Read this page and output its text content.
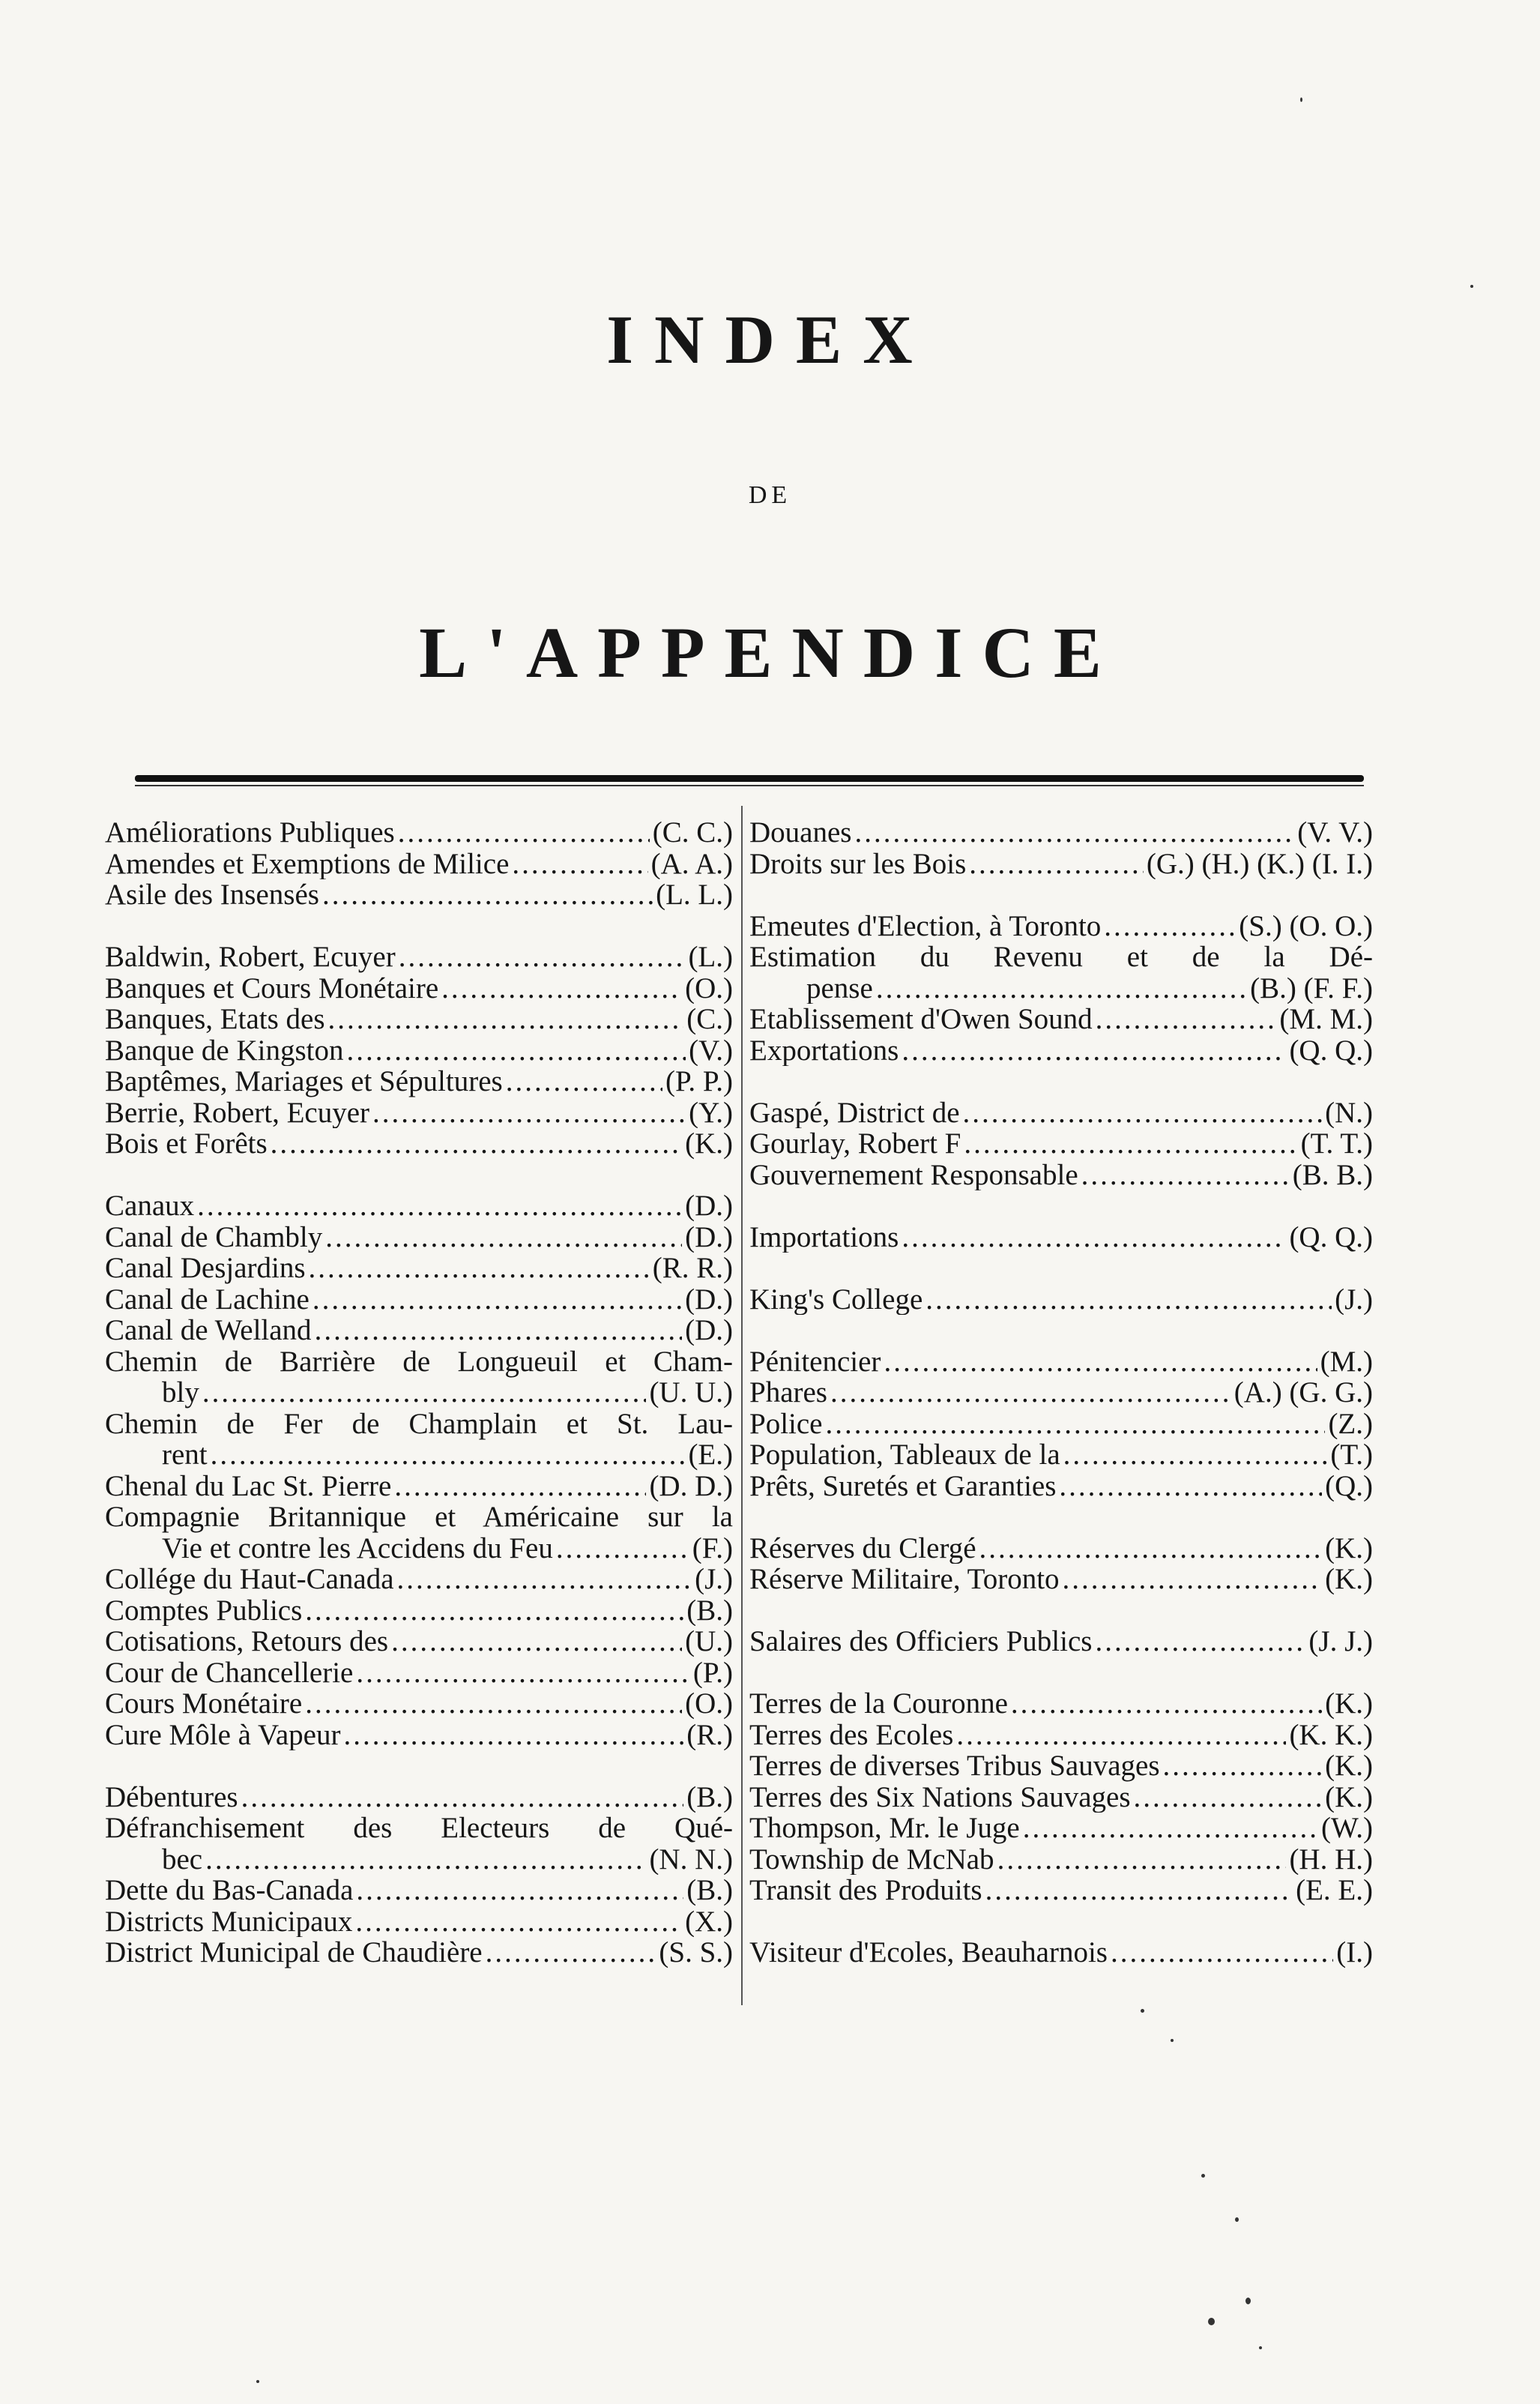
INDEX
DE
L'APPENDICE
Améliorations Publiques .....	(C. C.)
Amendes et Exemptions de Milice .....	(A. A.)
Asile des Insensés .....	(L. L.)
Baldwin, Robert, Ecuyer .....	(L.)
Banques et Cours Monétaire .....	(O.)
Banques, Etats des .....	(C.)
Banque de Kingston .....	(V.)
Baptêmes, Mariages et Sépultures .....	(P. P.)
Berrie, Robert, Ecuyer .....	(Y.)
Bois et Forêts .....	(K.)
Canaux .....	(D.)
Canal de Chambly .....	(D.)
Canal Desjardins .....	(R. R.)
Canal de Lachine .....	(D.)
Canal de Welland .....	(D.)
Chemin de Barrière de Longueuil et Cham-
bly .....	(U. U.)
Chemin de Fer de Champlain et St. Lau-
rent .....	(E.)
Chenal du Lac St. Pierre .....	(D. D.)
Compagnie Britannique et Américaine sur la
Vie et contre les Accidens du Feu .....	(F.)
Collége du Haut-Canada .....	(J.)
Comptes Publics .....	(B.)
Cotisations, Retours des .....	(U.)
Cour de Chancellerie .....	(P.)
Cours Monétaire .....	(O.)
Cure Môle à Vapeur .....	(R.)
Débentures .....	(B.)
Défranchisement des Electeurs de Qué-
bec .....	(N. N.)
Dette du Bas-Canada .....	(B.)
Districts Municipaux .....	(X.)
District Municipal de Chaudière .....	(S. S.)
Douanes .....	(V. V.)
Droits sur les Bois .....	(G.) (H.) (K.) (I. I.)
Emeutes d'Election, à Toronto .....	(S.) (O. O.)
Estimation du Revenu et de la Dé-
pense .....	(B.) (F. F.)
Etablissement d'Owen Sound .....	(M. M.)
Exportations .....	(Q. Q.)
Gaspé, District de .....	(N.)
Gourlay, Robert F .....	(T. T.)
Gouvernement Responsable .....	(B. B.)
Importations .....	(Q. Q.)
King's College .....	(J.)
Pénitencier .....	(M.)
Phares .....	(A.) (G. G.)
Police .....	(Z.)
Population, Tableaux de la .....	(T.)
Prêts, Suretés et Garanties .....	(Q.)
Réserves du Clergé .....	(K.)
Réserve Militaire, Toronto .....	(K.)
Salaires des Officiers Publics .....	(J. J.)
Terres de la Couronne .....	(K.)
Terres des Ecoles .....	(K. K.)
Terres de diverses Tribus Sauvages .....	(K.)
Terres des Six Nations Sauvages .....	(K.)
Thompson, Mr. le Juge .....	(W.)
Township de McNab .....	(H. H.)
Transit des Produits .....	(E. E.)
Visiteur d'Ecoles, Beauharnois .....	(I.)
